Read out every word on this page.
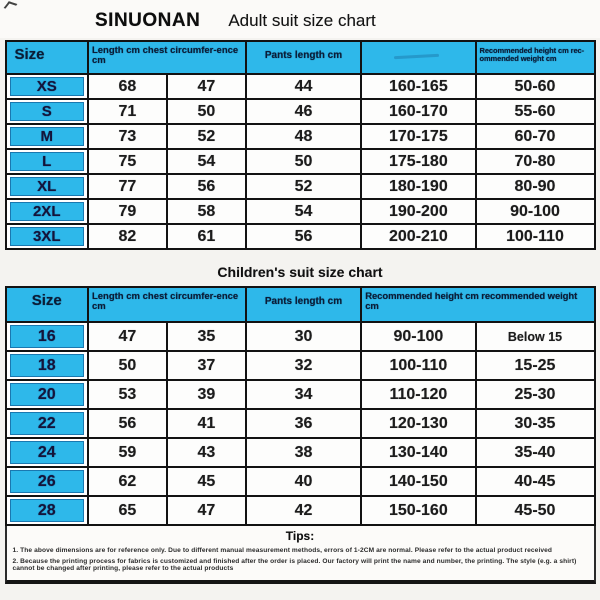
SINUONAN Adult suit size chart
Size	Length cm chest circumfer-ence cm		Pants length cm		Recommended height cm rec-ommended weight cm

XS	68	47	44	160-165	50-60

S	71	50	46	160-170	55-60

M	73	52	48	170-175	60-70

L	75	54	50	175-180	70-80

XL	77	56	52	180-190	80-90

2XL	79	58	54	190-200	90-100

3XL	82	61	56	200-210	100-110
Children's suit size chart
Size	Length cm chest circumfer-ence cm		Pants length cm	Recommended height cm recommended weight cm	

16	47	35	30	90-100	Below 15

18	50	37	32	100-110	15-25

20	53	39	34	110-120	25-30

22	56	41	36	120-130	30-35

24	59	43	38	130-140	35-40

26	62	45	40	140-150	40-45

28	65	47	42	150-160	45-50
Tips:
1. The above dimensions are for reference only. Due to different manual measurement methods, errors of 1-2CM are normal. Please refer to the actual product received
2. Because the printing process for fabrics is customized and finished after the order is placed. Our factory will print the name and number, the printing. The style (e.g. a shirt) cannot be changed after printing, please refer to the actual products
